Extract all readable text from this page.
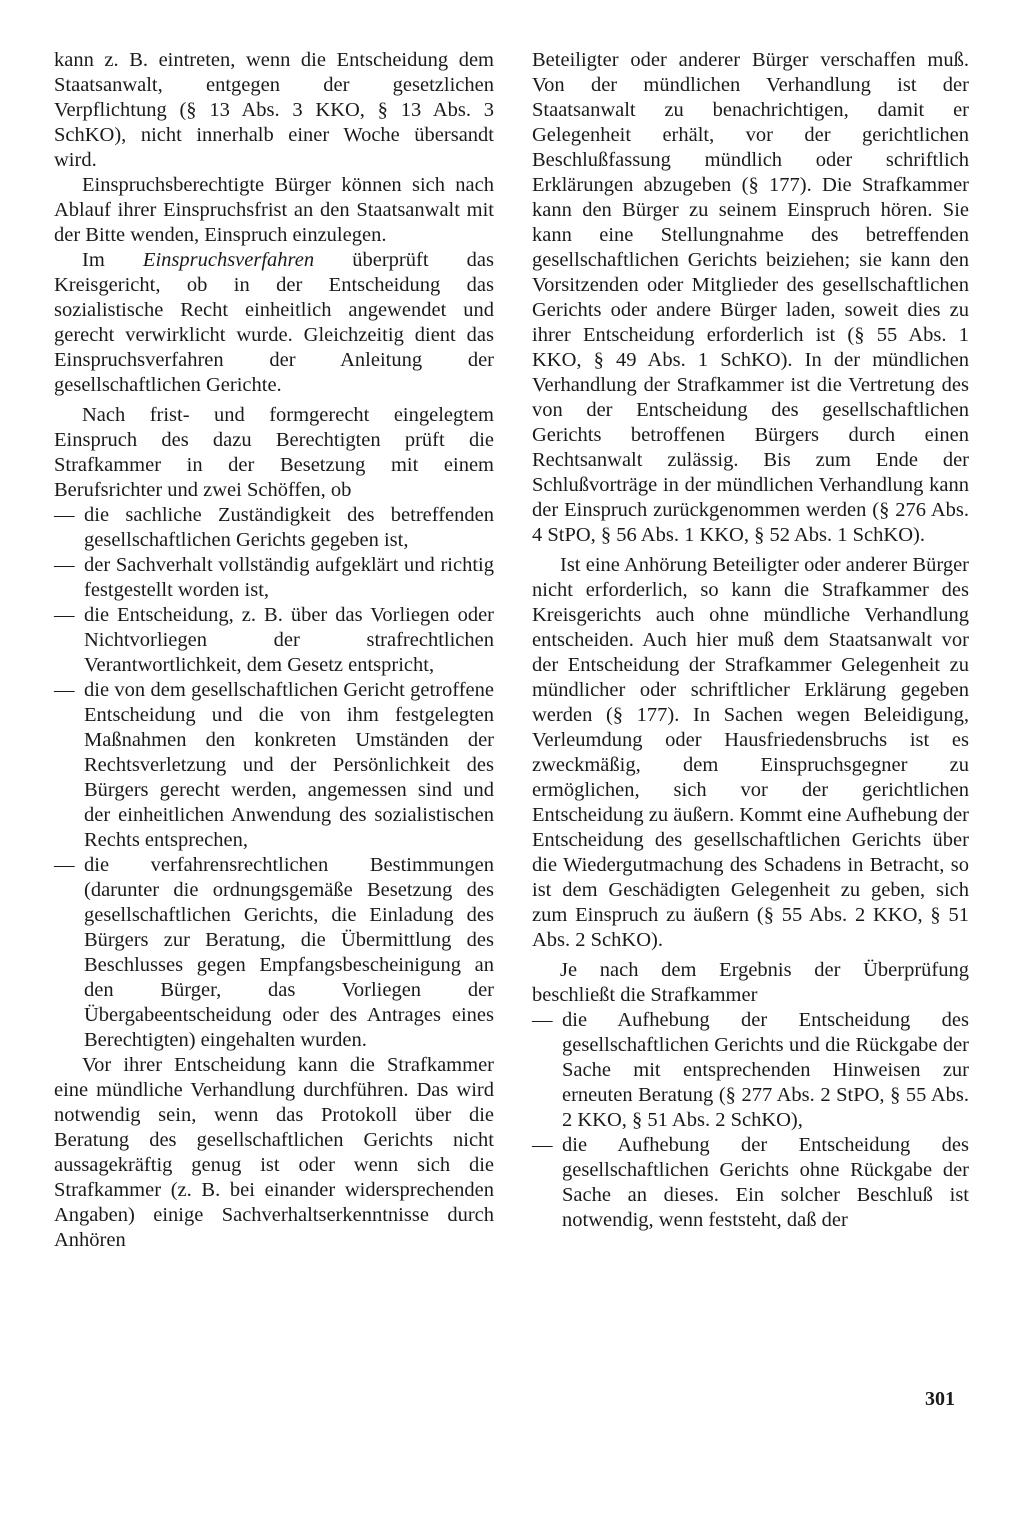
kann z. B. eintreten, wenn die Entscheidung dem Staatsanwalt, entgegen der gesetzlichen Verpflichtung (§ 13 Abs. 3 KKO, § 13 Abs. 3 SchKO), nicht innerhalb einer Woche übersandt wird.

Einspruchsberechtigte Bürger können sich nach Ablauf ihrer Einspruchsfrist an den Staatsanwalt mit der Bitte wenden, Einspruch einzulegen.

Im Einspruchsverfahren überprüft das Kreisgericht, ob in der Entscheidung das sozialistische Recht einheitlich angewendet und gerecht verwirklicht wurde. Gleichzeitig dient das Einspruchsverfahren der Anleitung der gesellschaftlichen Gerichte.

Nach frist- und formgerecht eingelegtem Einspruch des dazu Berechtigten prüft die Strafkammer in der Besetzung mit einem Berufsrichter und zwei Schöffen, ob

— die sachliche Zuständigkeit des betreffenden gesellschaftlichen Gerichts gegeben ist,
— der Sachverhalt vollständig aufgeklärt und richtig festgestellt worden ist,
— die Entscheidung, z. B. über das Vorliegen oder Nichtvorliegen der strafrechtlichen Verantwortlichkeit, dem Gesetz entspricht,
— die von dem gesellschaftlichen Gericht getroffene Entscheidung und die von ihm festgelegten Maßnahmen den konkreten Umständen der Rechtsverletzung und der Persönlichkeit des Bürgers gerecht werden, angemessen sind und der einheitlichen Anwendung des sozialistischen Rechts entsprechen,
— die verfahrensrechtlichen Bestimmungen (darunter die ordnungsgemäße Besetzung des gesellschaftlichen Gerichts, die Einladung des Bürgers zur Beratung, die Übermittlung des Beschlusses gegen Empfangsbescheinigung an den Bürger, das Vorliegen der Übergabeentscheidung oder des Antrages eines Berechtigten) eingehalten wurden.

Vor ihrer Entscheidung kann die Strafkammer eine mündliche Verhandlung durchführen. Das wird notwendig sein, wenn das Protokoll über die Beratung des gesellschaftlichen Gerichts nicht aussagekräftig genug ist oder wenn sich die Strafkammer (z. B. bei einander widersprechenden Angaben) einige Sachverhaltserkenntnisse durch Anhören

Beteiligter oder anderer Bürger verschaffen muß. Von der mündlichen Verhandlung ist der Staatsanwalt zu benachrichtigen, damit er Gelegenheit erhält, vor der gerichtlichen Beschlußfassung mündlich oder schriftlich Erklärungen abzugeben (§ 177). Die Strafkammer kann den Bürger zu seinem Einspruch hören. Sie kann eine Stellungnahme des betreffenden gesellschaftlichen Gerichts beiziehen; sie kann den Vorsitzenden oder Mitglieder des gesellschaftlichen Gerichts oder andere Bürger laden, soweit dies zu ihrer Entscheidung erforderlich ist (§ 55 Abs. 1 KKO, § 49 Abs. 1 SchKO). In der mündlichen Verhandlung der Strafkammer ist die Vertretung des von der Entscheidung des gesellschaftlichen Gerichts betroffenen Bürgers durch einen Rechtsanwalt zulässig. Bis zum Ende der Schlußvorträge in der mündlichen Verhandlung kann der Einspruch zurückgenommen werden (§ 276 Abs. 4 StPO, § 56 Abs. 1 KKO, § 52 Abs. 1 SchKO).

Ist eine Anhörung Beteiligter oder anderer Bürger nicht erforderlich, so kann die Strafkammer des Kreisgerichts auch ohne mündliche Verhandlung entscheiden. Auch hier muß dem Staatsanwalt vor der Entscheidung der Strafkammer Gelegenheit zu mündlicher oder schriftlicher Erklärung gegeben werden (§ 177). In Sachen wegen Beleidigung, Verleumdung oder Hausfriedensbruchs ist es zweckmäßig, dem Einspruchsgegner zu ermöglichen, sich vor der gerichtlichen Entscheidung zu äußern. Kommt eine Aufhebung der Entscheidung des gesellschaftlichen Gerichts über die Wiedergutmachung des Schadens in Betracht, so ist dem Geschädigten Gelegenheit zu geben, sich zum Einspruch zu äußern (§ 55 Abs. 2 KKO, § 51 Abs. 2 SchKO).

Je nach dem Ergebnis der Überprüfung beschließt die Strafkammer

— die Aufhebung der Entscheidung des gesellschaftlichen Gerichts und die Rückgabe der Sache mit entsprechenden Hinweisen zur erneuten Beratung (§ 277 Abs. 2 StPO, § 55 Abs. 2 KKO, § 51 Abs. 2 SchKO),
— die Aufhebung der Entscheidung des gesellschaftlichen Gerichts ohne Rückgabe der Sache an dieses. Ein solcher Beschluß ist notwendig, wenn feststeht, daß der
301
